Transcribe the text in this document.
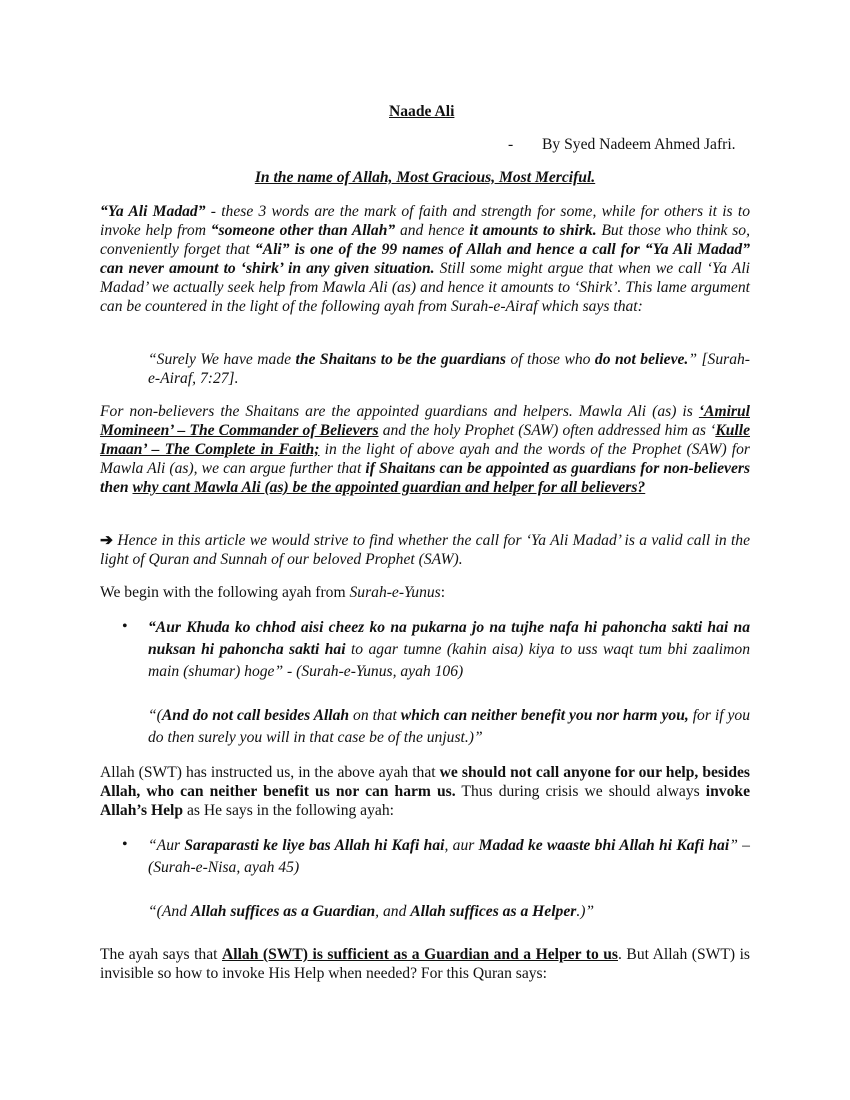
Naade Ali
- By Syed Nadeem Ahmed Jafri.
In the name of Allah, Most Gracious, Most Merciful.

“Ya Ali Madad” - these 3 words are the mark of faith and strength for some, while for others it is to invoke help from “someone other than Allah” and hence it amounts to shirk. But those who think so, conveniently forget that “Ali” is one of the 99 names of Allah and hence a call for “Ya Ali Madad” can never amount to ‘shirk’ in any given situation. Still some might argue that when we call ‘Ya Ali Madad’ we actually seek help from Mawla Ali (as) and hence it amounts to ‘Shirk’. This lame argument can be countered in the light of the following ayah from Surah-e-Airaf which says that:

“Surely We have made the Shaitans to be the guardians of those who do not believe.” [Surah-e-Airaf, 7:27].

For non-believers the Shaitans are the appointed guardians and helpers. Mawla Ali (as) is ‘Amirul Momineen’ – The Commander of Believers and the holy Prophet (SAW) often addressed him as ‘Kulle Imaan’ – The Complete in Faith; in the light of above ayah and the words of the Prophet (SAW) for Mawla Ali (as), we can argue further that if Shaitans can be appointed as guardians for non-believers then why cant Mawla Ali (as) be the appointed guardian and helper for all believers?

➔ Hence in this article we would strive to find whether the call for ‘Ya Ali Madad’ is a valid call in the light of Quran and Sunnah of our beloved Prophet (SAW).

We begin with the following ayah from Surah-e-Yunus:

• “Aur Khuda ko chhod aisi cheez ko na pukarna jo na tujhe nafa hi pahoncha sakti hai na nuksan hi pahoncha sakti hai to agar tumne (kahin aisa) kiya to uss waqt tum bhi zaalimon main (shumar) hoge” - (Surah-e-Yunus, ayah 106)

“(And do not call besides Allah on that which can neither benefit you nor harm you, for if you do then surely you will in that case be of the unjust.)”

Allah (SWT) has instructed us, in the above ayah that we should not call anyone for our help, besides Allah, who can neither benefit us nor can harm us. Thus during crisis we should always invoke Allah’s Help as He says in the following ayah:

• “Aur Saraparasti ke liye bas Allah hi Kafi hai, aur Madad ke waaste bhi Allah hi Kafi hai” – (Surah-e-Nisa, ayah 45)

“(And Allah suffices as a Guardian, and Allah suffices as a Helper.)”

The ayah says that Allah (SWT) is sufficient as a Guardian and a Helper to us. But Allah (SWT) is invisible so how to invoke His Help when needed? For this Quran says:
